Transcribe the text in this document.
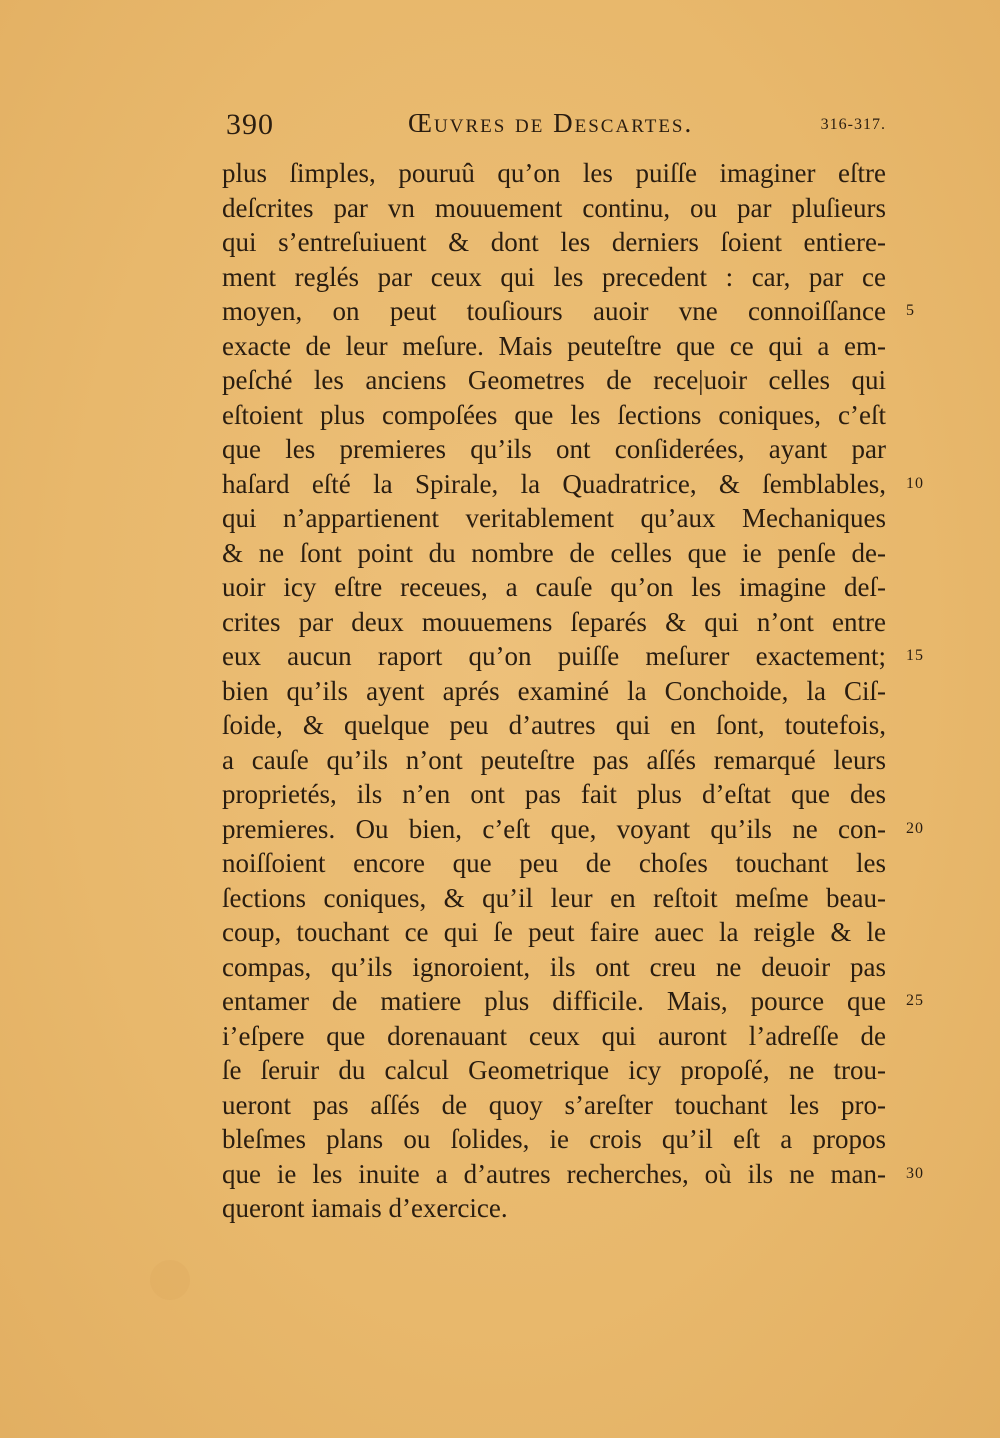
390	Œuvres de Descartes.	316-317.
plus ſimples, pouruû qu’on les puiſſe imaginer eſtre
deſcrites par vn mouuement continu, ou par pluſieurs
qui s’entreſuiuent & dont les derniers ſoient entiere-
ment reglés par ceux qui les precedent : car, par ce
moyen, on peut touſiours auoir vne connoiſſance
exacte de leur meſure. Mais peuteſtre que ce qui a em-
peſché les anciens Geometres de rece|uoir celles qui
eſtoient plus compoſées que les ſections coniques, c’eſt
que les premieres qu’ils ont conſiderées, ayant par
haſard eſté la Spirale, la Quadratrice, & ſemblables,
qui n’appartienent veritablement qu’aux Mechaniques
& ne ſont point du nombre de celles que ie penſe de-
uoir icy eſtre receues, a cauſe qu’on les imagine deſ-
crites par deux mouuemens ſeparés & qui n’ont entre
eux aucun raport qu’on puiſſe meſurer exactement;
bien qu’ils ayent aprés examiné la Conchoide, la Ciſ-
ſoide, & quelque peu d’autres qui en ſont, toutefois,
a cauſe qu’ils n’ont peuteſtre pas aſſés remarqué leurs
proprietés, ils n’en ont pas fait plus d’eſtat que des
premieres. Ou bien, c’eſt que, voyant qu’ils ne con-
noiſſoient encore que peu de choſes touchant les
ſections coniques, & qu’il leur en reſtoit meſme beau-
coup, touchant ce qui ſe peut faire auec la reigle & le
compas, qu’ils ignoroient, ils ont creu ne deuoir pas
entamer de matiere plus difficile. Mais, pource que
i’eſpere que dorenauant ceux qui auront l’adreſſe de
ſe ſeruir du calcul Geometrique icy propoſé, ne trou-
ueront pas aſſés de quoy s’areſter touchant les pro-
bleſmes plans ou ſolides, ie crois qu’il eſt a propos
que ie les inuite a d’autres recherches, où ils ne man-
queront iamais d’exercice.
5
10
15
20
25
30
